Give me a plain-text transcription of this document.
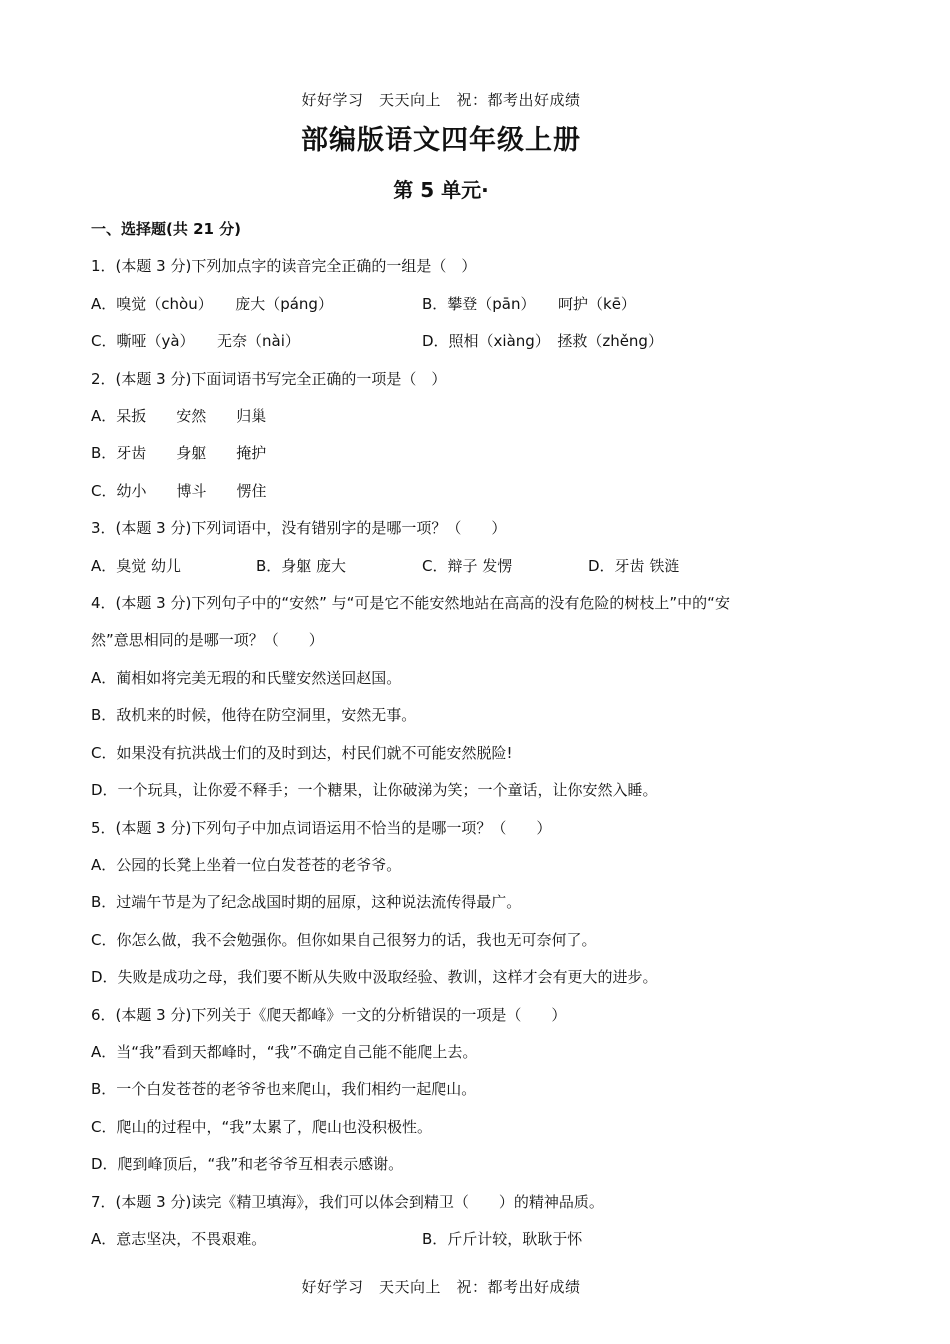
好好学习　天天向上　祝：都考出好成绩
部编版语文四年级上册
第 5 单元·
一、选择题(共 21 分)
1．(本题 3 分)下列加点字的读音完全正确的一组是（　）
A．嗅觉（chòu）　　庞大（páng）	B．攀登（pān）　　呵护（kē）
C．嘶哑（yà）　　无奈（nài）	D．照相（xiàng）　拯救（zhěng）
2．(本题 3 分)下面词语书写完全正确的一项是（　）
A．呆扳　　安然　　归巢
B．牙齿　　身躯　　掩护
C．幼小　　博斗　　愣住
3．(本题 3 分)下列词语中，没有错别字的是哪一项？（　　）
A．臭觉 幼儿	B．身躯 庞大	C．辩子 发愣	D．牙齿 铁涟
4．(本题 3 分)下列句子中的“安然” 与“可是它不能安然地站在高高的没有危险的树枝上”中的“安
然”意思相同的是哪一项？（　　）
A．蔺相如将完美无瑕的和氏璧安然送回赵国。
B．敌机来的时候，他待在防空洞里，安然无事。
C．如果没有抗洪战士们的及时到达，村民们就不可能安然脱险!
D．一个玩具，让你爱不释手；一个糖果，让你破涕为笑；一个童话，让你安然入睡。
5．(本题 3 分)下列句子中加点词语运用不恰当的是哪一项？（　　）
A．公园的长凳上坐着一位白发苍苍的老爷爷。
B．过端午节是为了纪念战国时期的屈原，这种说法流传得最广。
C．你怎么做，我不会勉强你。但你如果自己很努力的话，我也无可奈何了。
D．失败是成功之母，我们要不断从失败中汲取经验、教训，这样才会有更大的进步。
6．(本题 3 分)下列关于《爬天都峰》一文的分析错误的一项是（　　）
A．当“我”看到天都峰时，“我”不确定自己能不能爬上去。
B．一个白发苍苍的老爷爷也来爬山，我们相约一起爬山。
C．爬山的过程中，“我”太累了，爬山也没积极性。
D．爬到峰顶后，“我”和老爷爷互相表示感谢。
7．(本题 3 分)读完《精卫填海》，我们可以体会到精卫（　　）的精神品质。
A．意志坚决，不畏艰难。	B．斤斤计较，耿耿于怀
好好学习　天天向上　祝：都考出好成绩
